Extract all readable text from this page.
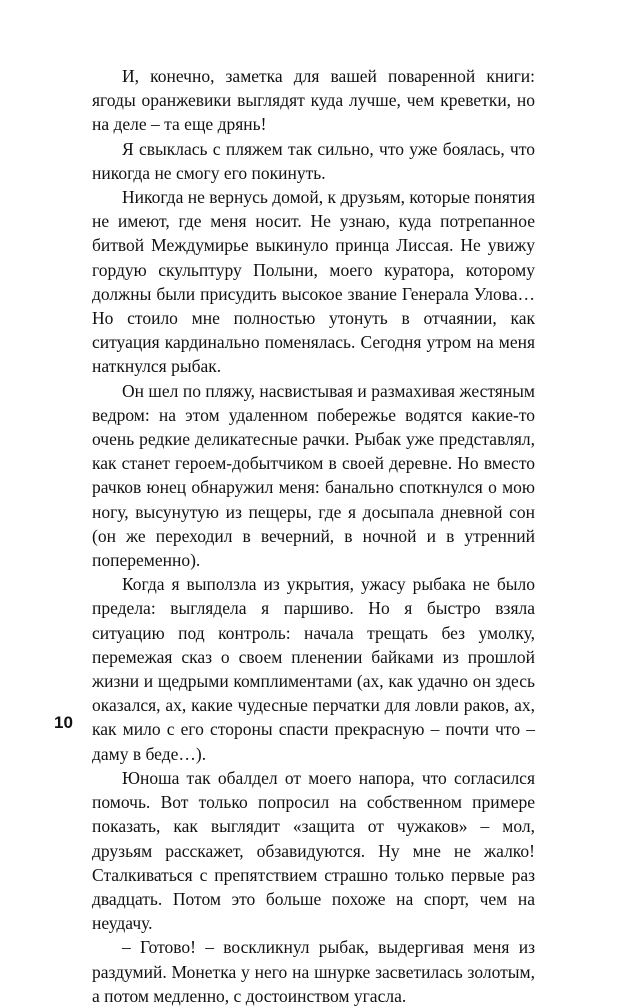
И, конечно, заметка для вашей поваренной книги: ягоды оранжевики выглядят куда лучше, чем креветки, но на деле – та еще дрянь!

Я свыклась с пляжем так сильно, что уже боялась, что никогда не смогу его покинуть.

Никогда не вернусь домой, к друзьям, которые понятия не имеют, где меня носит. Не узнаю, куда потрепанное битвой Междумирье выкинуло принца Лиссая. Не увижу гордую скульптуру Полыни, моего куратора, которому должны были присудить высокое звание Генерала Улова… Но стоило мне полностью утонуть в отчаянии, как ситуация кардинально поменялась. Сегодня утром на меня наткнулся рыбак.

Он шел по пляжу, насвистывая и размахивая жестяным ведром: на этом удаленном побережье водятся какие-то очень редкие деликатесные рачки. Рыбак уже представлял, как станет героем-добытчиком в своей деревне. Но вместо рачков юнец обнаружил меня: банально споткнулся о мою ногу, высунутую из пещеры, где я досыпала дневной сон (он же переходил в вечерний, в ночной и в утренний попеременно).

Когда я выползла из укрытия, ужасу рыбака не было предела: выглядела я паршиво. Но я быстро взяла ситуацию под контроль: начала трещать без умолку, перемежая сказ о своем пленении байками из прошлой жизни и щедрыми комплиментами (ах, как удачно он здесь оказался, ах, какие чудесные перчатки для ловли раков, ах, как мило с его стороны спасти прекрасную – почти что – даму в беде…).

Юноша так обалдел от моего напора, что согласился помочь. Вот только попросил на собственном примере показать, как выглядит «защита от чужаков» – мол, друзьям расскажет, обзавидуются. Ну мне не жалко! Сталкиваться с препятствием страшно только первые раз двадцать. Потом это больше похоже на спорт, чем на неудачу.

– Готово! – воскликнул рыбак, выдергивая меня из раздумий. Монетка у него на шнурке засветилась золотым, а потом медленно, с достоинством угасла.

10
